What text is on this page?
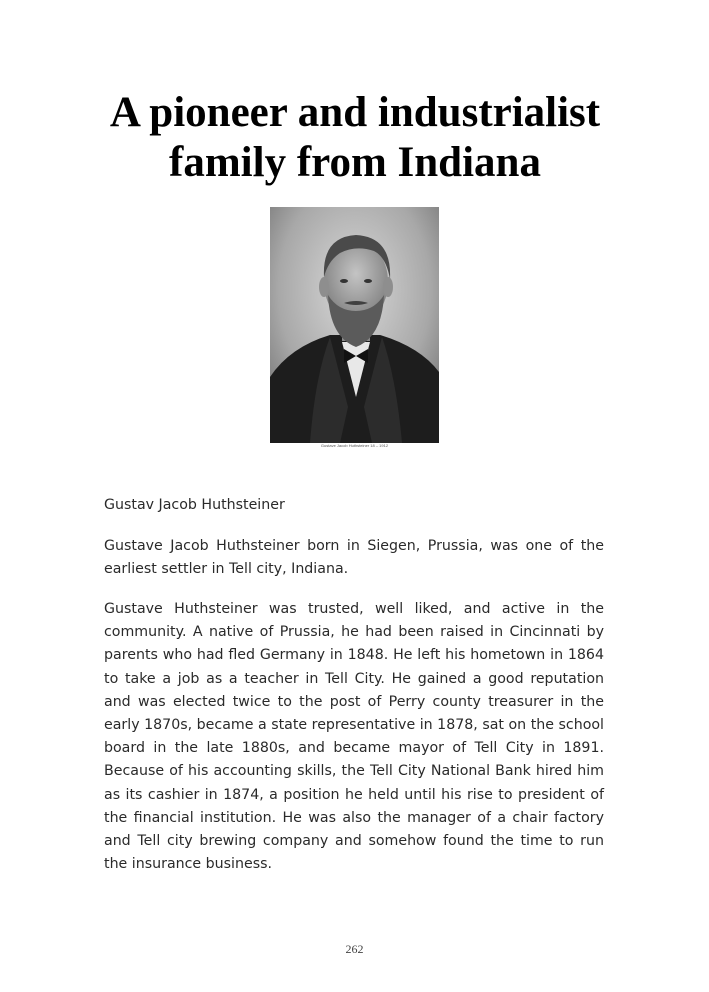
A pioneer and industrialist
family from Indiana
Gustave Jacob Huthsteiner 18 – 1912

Gustav Jacob Huthsteiner

Gustave Jacob Huthsteiner born in Siegen, Prussia, was one of the earliest settler in Tell city, Indiana.

Gustave Huthsteiner was trusted, well liked, and active in the community. A native of Prussia, he had been raised in Cincinnati by parents who had fled Germany in 1848. He left his hometown in 1864 to take a job as a teacher in Tell City. He gained a good reputation and was elected twice to the post of Perry county treasurer in the early 1870s, became a state representative in 1878, sat on the school board in the late 1880s, and became mayor of Tell City in 1891. Because of his accounting skills, the Tell City National Bank hired him as its cashier in 1874, a position he held until his rise to president of the financial institution. He was also the manager of a chair factory and Tell city brewing company and somehow found the time to run the insurance business.

262
